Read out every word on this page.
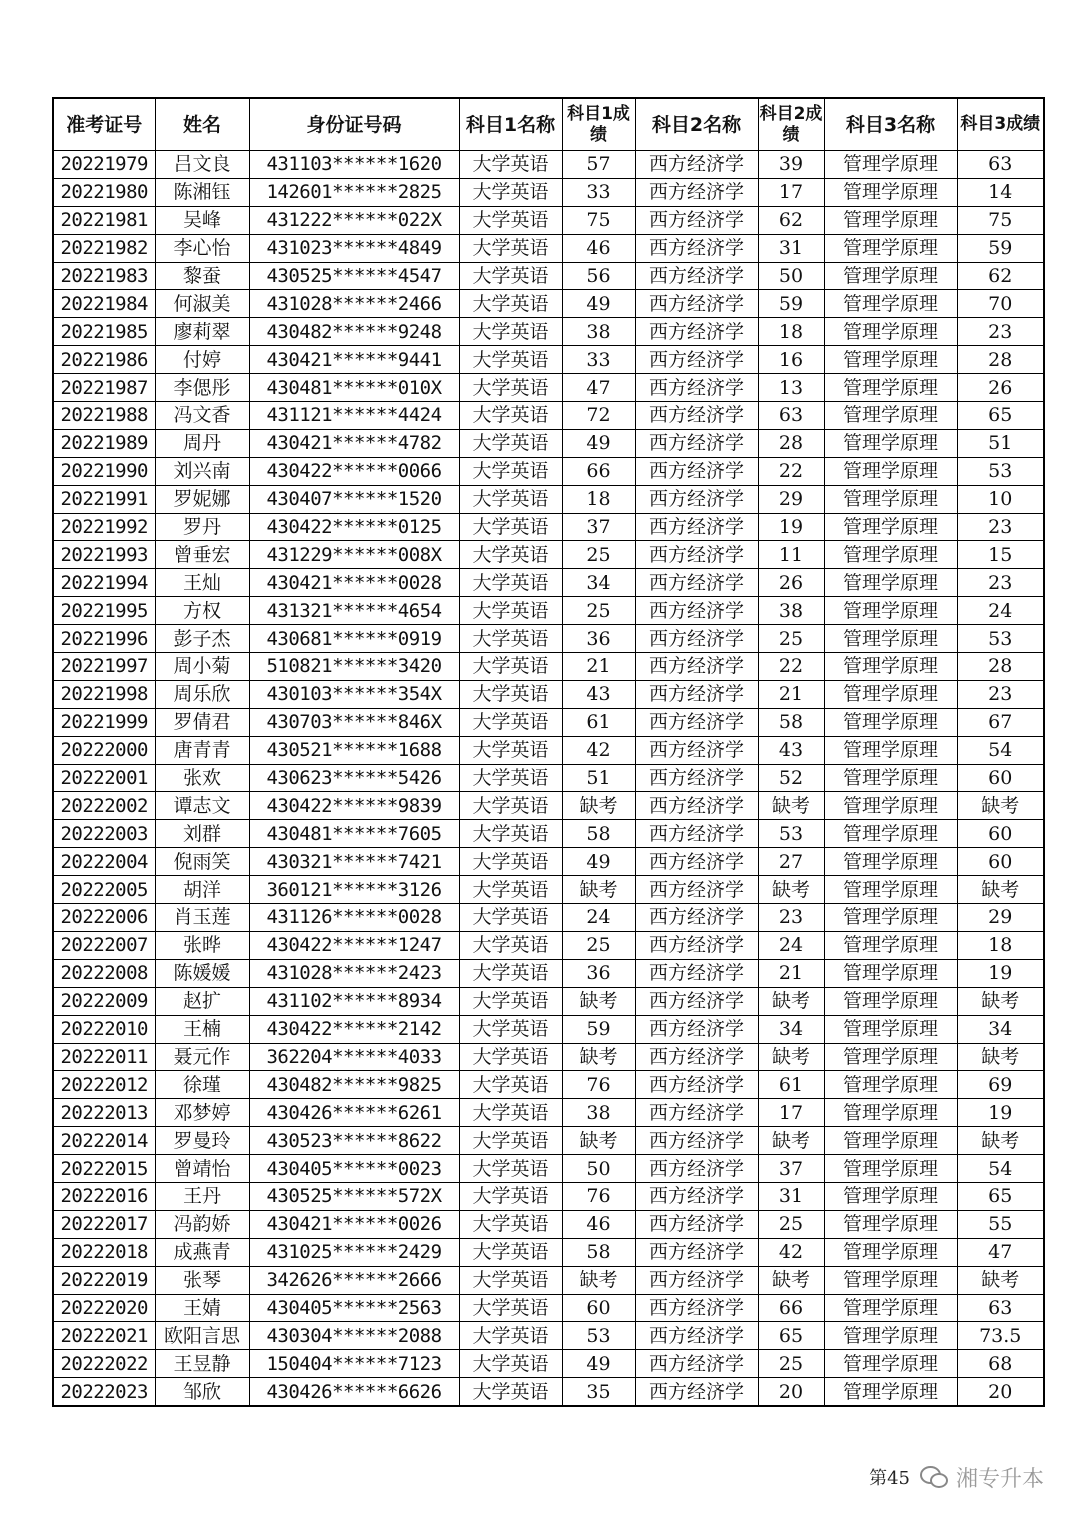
准考证号	姓名	身份证号码	科目1名称	科目1成绩	科目2名称	科目2成绩	科目3名称	科目3成绩
20221979	吕文良	431103******1620	大学英语	57	西方经济学	39	管理学原理	63
20221980	陈湘钰	142601******2825	大学英语	33	西方经济学	17	管理学原理	14
20221981	吴峰	431222******022X	大学英语	75	西方经济学	62	管理学原理	75
20221982	李心怡	431023******4849	大学英语	46	西方经济学	31	管理学原理	59
20221983	黎蚕	430525******4547	大学英语	56	西方经济学	50	管理学原理	62
20221984	何淑美	431028******2466	大学英语	49	西方经济学	59	管理学原理	70
20221985	廖莉翠	430482******9248	大学英语	38	西方经济学	18	管理学原理	23
20221986	付婷	430421******9441	大学英语	33	西方经济学	16	管理学原理	28
20221987	李偲彤	430481******010X	大学英语	47	西方经济学	13	管理学原理	26
20221988	冯文香	431121******4424	大学英语	72	西方经济学	63	管理学原理	65
20221989	周丹	430421******4782	大学英语	49	西方经济学	28	管理学原理	51
20221990	刘兴南	430422******0066	大学英语	66	西方经济学	22	管理学原理	53
20221991	罗妮娜	430407******1520	大学英语	18	西方经济学	29	管理学原理	10
20221992	罗丹	430422******0125	大学英语	37	西方经济学	19	管理学原理	23
20221993	曾垂宏	431229******008X	大学英语	25	西方经济学	11	管理学原理	15
20221994	王灿	430421******0028	大学英语	34	西方经济学	26	管理学原理	23
20221995	方权	431321******4654	大学英语	25	西方经济学	38	管理学原理	24
20221996	彭子杰	430681******0919	大学英语	36	西方经济学	25	管理学原理	53
20221997	周小菊	510821******3420	大学英语	21	西方经济学	22	管理学原理	28
20221998	周乐欣	430103******354X	大学英语	43	西方经济学	21	管理学原理	23
20221999	罗倩君	430703******846X	大学英语	61	西方经济学	58	管理学原理	67
20222000	唐青青	430521******1688	大学英语	42	西方经济学	43	管理学原理	54
20222001	张欢	430623******5426	大学英语	51	西方经济学	52	管理学原理	60
20222002	谭志文	430422******9839	大学英语	缺考	西方经济学	缺考	管理学原理	缺考
20222003	刘群	430481******7605	大学英语	58	西方经济学	53	管理学原理	60
20222004	倪雨笑	430321******7421	大学英语	49	西方经济学	27	管理学原理	60
20222005	胡洋	360121******3126	大学英语	缺考	西方经济学	缺考	管理学原理	缺考
20222006	肖玉莲	431126******0028	大学英语	24	西方经济学	23	管理学原理	29
20222007	张晔	430422******1247	大学英语	25	西方经济学	24	管理学原理	18
20222008	陈媛媛	431028******2423	大学英语	36	西方经济学	21	管理学原理	19
20222009	赵扩	431102******8934	大学英语	缺考	西方经济学	缺考	管理学原理	缺考
20222010	王楠	430422******2142	大学英语	59	西方经济学	34	管理学原理	34
20222011	聂元作	362204******4033	大学英语	缺考	西方经济学	缺考	管理学原理	缺考
20222012	徐瑾	430482******9825	大学英语	76	西方经济学	61	管理学原理	69
20222013	邓梦婷	430426******6261	大学英语	38	西方经济学	17	管理学原理	19
20222014	罗曼玲	430523******8622	大学英语	缺考	西方经济学	缺考	管理学原理	缺考
20222015	曾靖怡	430405******0023	大学英语	50	西方经济学	37	管理学原理	54
20222016	王丹	430525******572X	大学英语	76	西方经济学	31	管理学原理	65
20222017	冯韵娇	430421******0026	大学英语	46	西方经济学	25	管理学原理	55
20222018	成燕青	431025******2429	大学英语	58	西方经济学	42	管理学原理	47
20222019	张琴	342626******2666	大学英语	缺考	西方经济学	缺考	管理学原理	缺考
20222020	王婧	430405******2563	大学英语	60	西方经济学	66	管理学原理	63
20222021	欧阳言思	430304******2088	大学英语	53	西方经济学	65	管理学原理	73.5
20222022	王昱静	150404******7123	大学英语	49	西方经济学	25	管理学原理	68
20222023	邹欣	430426******6626	大学英语	35	西方经济学	20	管理学原理	20
第45 湘专升本
